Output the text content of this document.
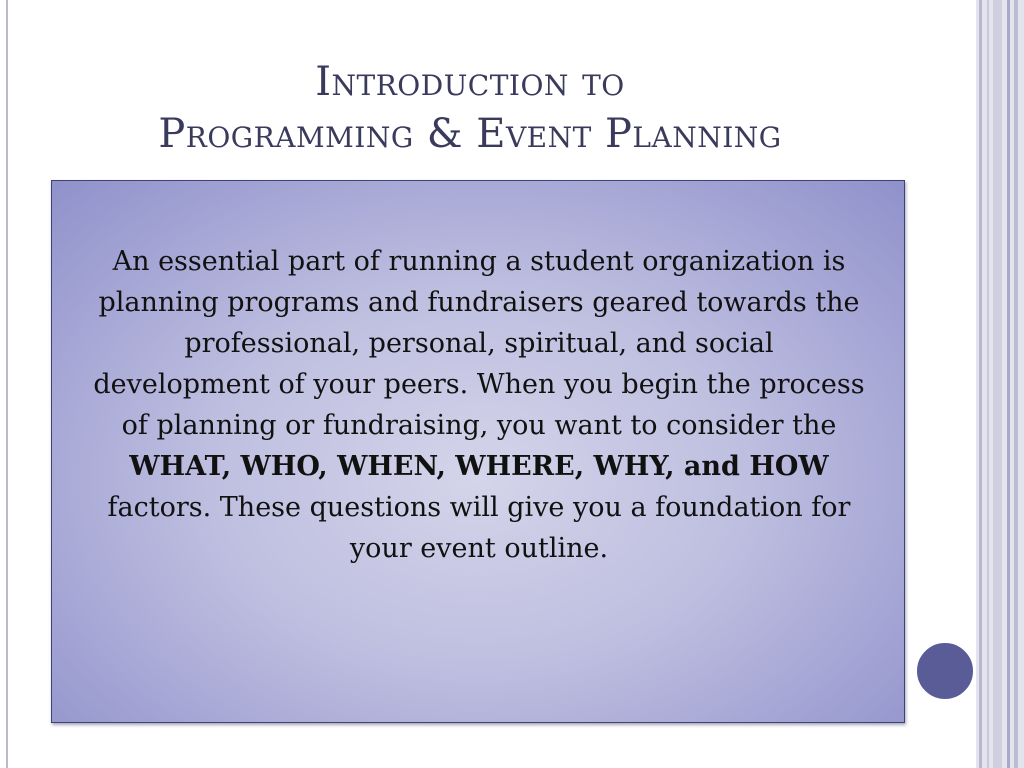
Introduction to
Programming & Event Planning
An essential part of running a student organization is planning programs and fundraisers geared towards the professional, personal, spiritual, and social development of your peers. When you begin the process of planning or fundraising, you want to consider the WHAT, WHO, WHEN, WHERE, WHY, and HOW factors. These questions will give you a foundation for your event outline.
